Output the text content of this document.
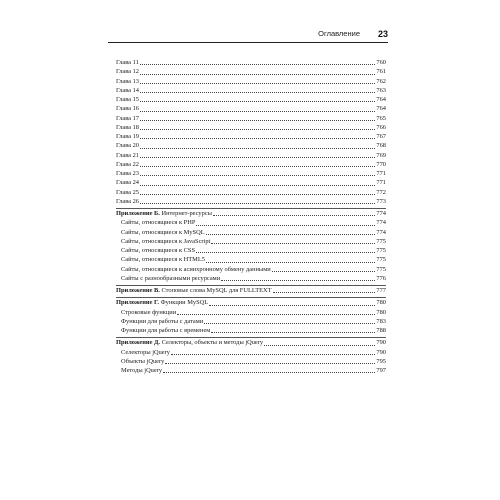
Оглавление 23
Глава 11	760
Глава 12	761
Глава 13	762
Глава 14	763
Глава 15	764
Глава 16	764
Глава 17	765
Глава 18	766
Глава 19	767
Глава 20	768
Глава 21	769
Глава 22	770
Глава 23	771
Глава 24	771
Глава 25	772
Глава 26	773
Приложение Б. Интернет-ресурсы	774
Сайты, относящиеся к PHP	774
Сайты, относящиеся к MySQL	774
Сайты, относящиеся к JavaScript	775
Сайты, относящиеся к CSS	775
Сайты, относящиеся к HTML5	775
Сайты, относящиеся к асинхронному обмену данными	775
Сайты с разнообразными ресурсами	776
Приложение В. Стоповые слова MySQL для FULLTEXT	777
Приложение Г. Функции MySQL	780
Строковые функции	780
Функции для работы с датами	783
Функции для работы с временем	788
Приложение Д. Селекторы, объекты и методы jQuery	790
Селекторы jQuery	790
Объекты jQuery	795
Методы jQuery	797
